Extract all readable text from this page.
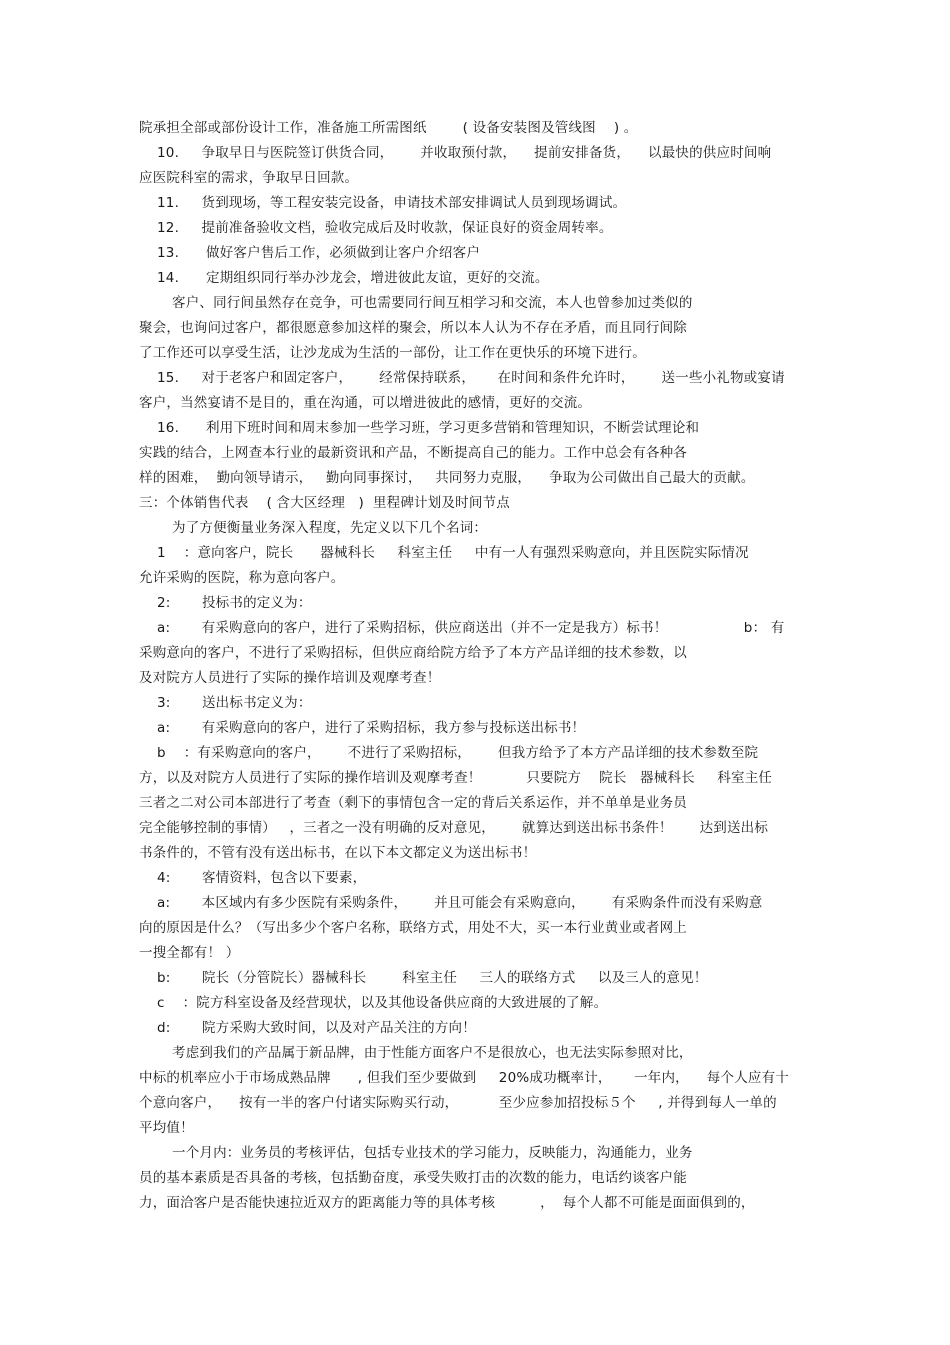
院承担全部或部份设计工作，准备施工所需图纸        ( 设备安装图及管线图    ) 。
10.     争取早日与医院签订供货合同，      并收取预付款，    提前安排备货，    以最快的供应时间响
应医院科室的需求，争取早日回款。
11.     货到现场，等工程安装完设备，申请技术部安排调试人员到现场调试。
12.     提前准备验收文档，验收完成后及时收款，保证良好的资金周转率。
13.      做好客户售后工作，必须做到让客户介绍客户
14.      定期组织同行举办沙龙会，增进彼此友谊，更好的交流。
客户、同行间虽然存在竞争，可也需要同行间互相学习和交流，本人也曾参加过类似的
聚会，也询问过客户，都很愿意参加这样的聚会，所以本人认为不存在矛盾，而且同行间除
了工作还可以享受生活，让沙龙成为生活的一部份，让工作在更快乐的环境下进行。
15.     对于老客户和固定客户，      经常保持联系，     在时间和条件允许时，      送一些小礼物或宴请
客户，当然宴请不是目的，重在沟通，可以增进彼此的感情，更好的交流。
16.      利用下班时间和周末参加一些学习班，学习更多营销和管理知识，不断尝试理论和
实践的结合，上网查本行业的最新资讯和产品，不断提高自己的能力。工作中总会有各种各
样的困难，  勤向领导请示，   勤向同事探讨，   共同努力克服，    争取为公司做出自己最大的贡献。
三：个体销售代表    ( 含大区经理   )  里程碑计划及时间节点
为了方便衡量业务深入程度，先定义以下几个名词：
1    ：意向客户，院长      器械科长     科室主任     中有一人有强烈采购意向，并且医院实际情况
允许采购的医院，称为意向客户。
2:       投标书的定义为：
a:       有采购意向的客户，进行了采购招标，供应商送出（并不一定是我方）标书！                 b： 有
采购意向的客户，不进行了采购招标，但供应商给院方给予了本方产品详细的技术参数，以
及对院方人员进行了实际的操作培训及观摩考查！
3:       送出标书定义为：
a:       有采购意向的客户，进行了采购招标，我方参与投标送出标书！
b    ：有采购意向的客户，      不进行了采购招标，      但我方给予了本方产品详细的技术参数至院
方，以及对院方人员进行了实际的操作培训及观摩考查！          只要院方    院长   器械科长     科室主任
三者之二对公司本部进行了考查（剩下的事情包含一定的背后关系运作，并不单单是业务员
完全能够控制的事情）   ，三者之一没有明确的反对意见，      就算达到送出标书条件！      达到送出标
书条件的，不管有没有送出标书，在以下本文都定义为送出标书！
4:       客情资料，包含以下要素，
a:       本区域内有多少医院有采购条件，      并且可能会有采购意向，      有采购条件而没有采购意
向的原因是什么？（写出多少个客户名称，联络方式，用处不大，买一本行业黄业或者网上
一搜全都有！ ）
b:       院长（分管院长）器械科长        科室主任     三人的联络方式     以及三人的意见！
c    ：院方科室设备及经营现状，以及其他设备供应商的大致进展的了解。
d:       院方采购大致时间，以及对产品关注的方向！
考虑到我们的产品属于新品牌，由于性能方面客户不是很放心，也无法实际参照对比，
中标的机率应小于市场成熟品牌      , 但我们至少要做到     20%成功概率计，     一年内，    每个人应有十
个意向客户，    按有一半的客户付诸实际购买行动，         至少应参加招投标５个     , 并得到每人一单的
平均值！
一个月内：业务员的考核评估，包括专业技术的学习能力，反映能力，沟通能力，业务
员的基本素质是否具备的考核，包括勤奋度，承受失败打击的次数的能力，电话约谈客户能
力，面洽客户是否能快速拉近双方的距离能力等的具体考核          ，  每个人都不可能是面面俱到的，
